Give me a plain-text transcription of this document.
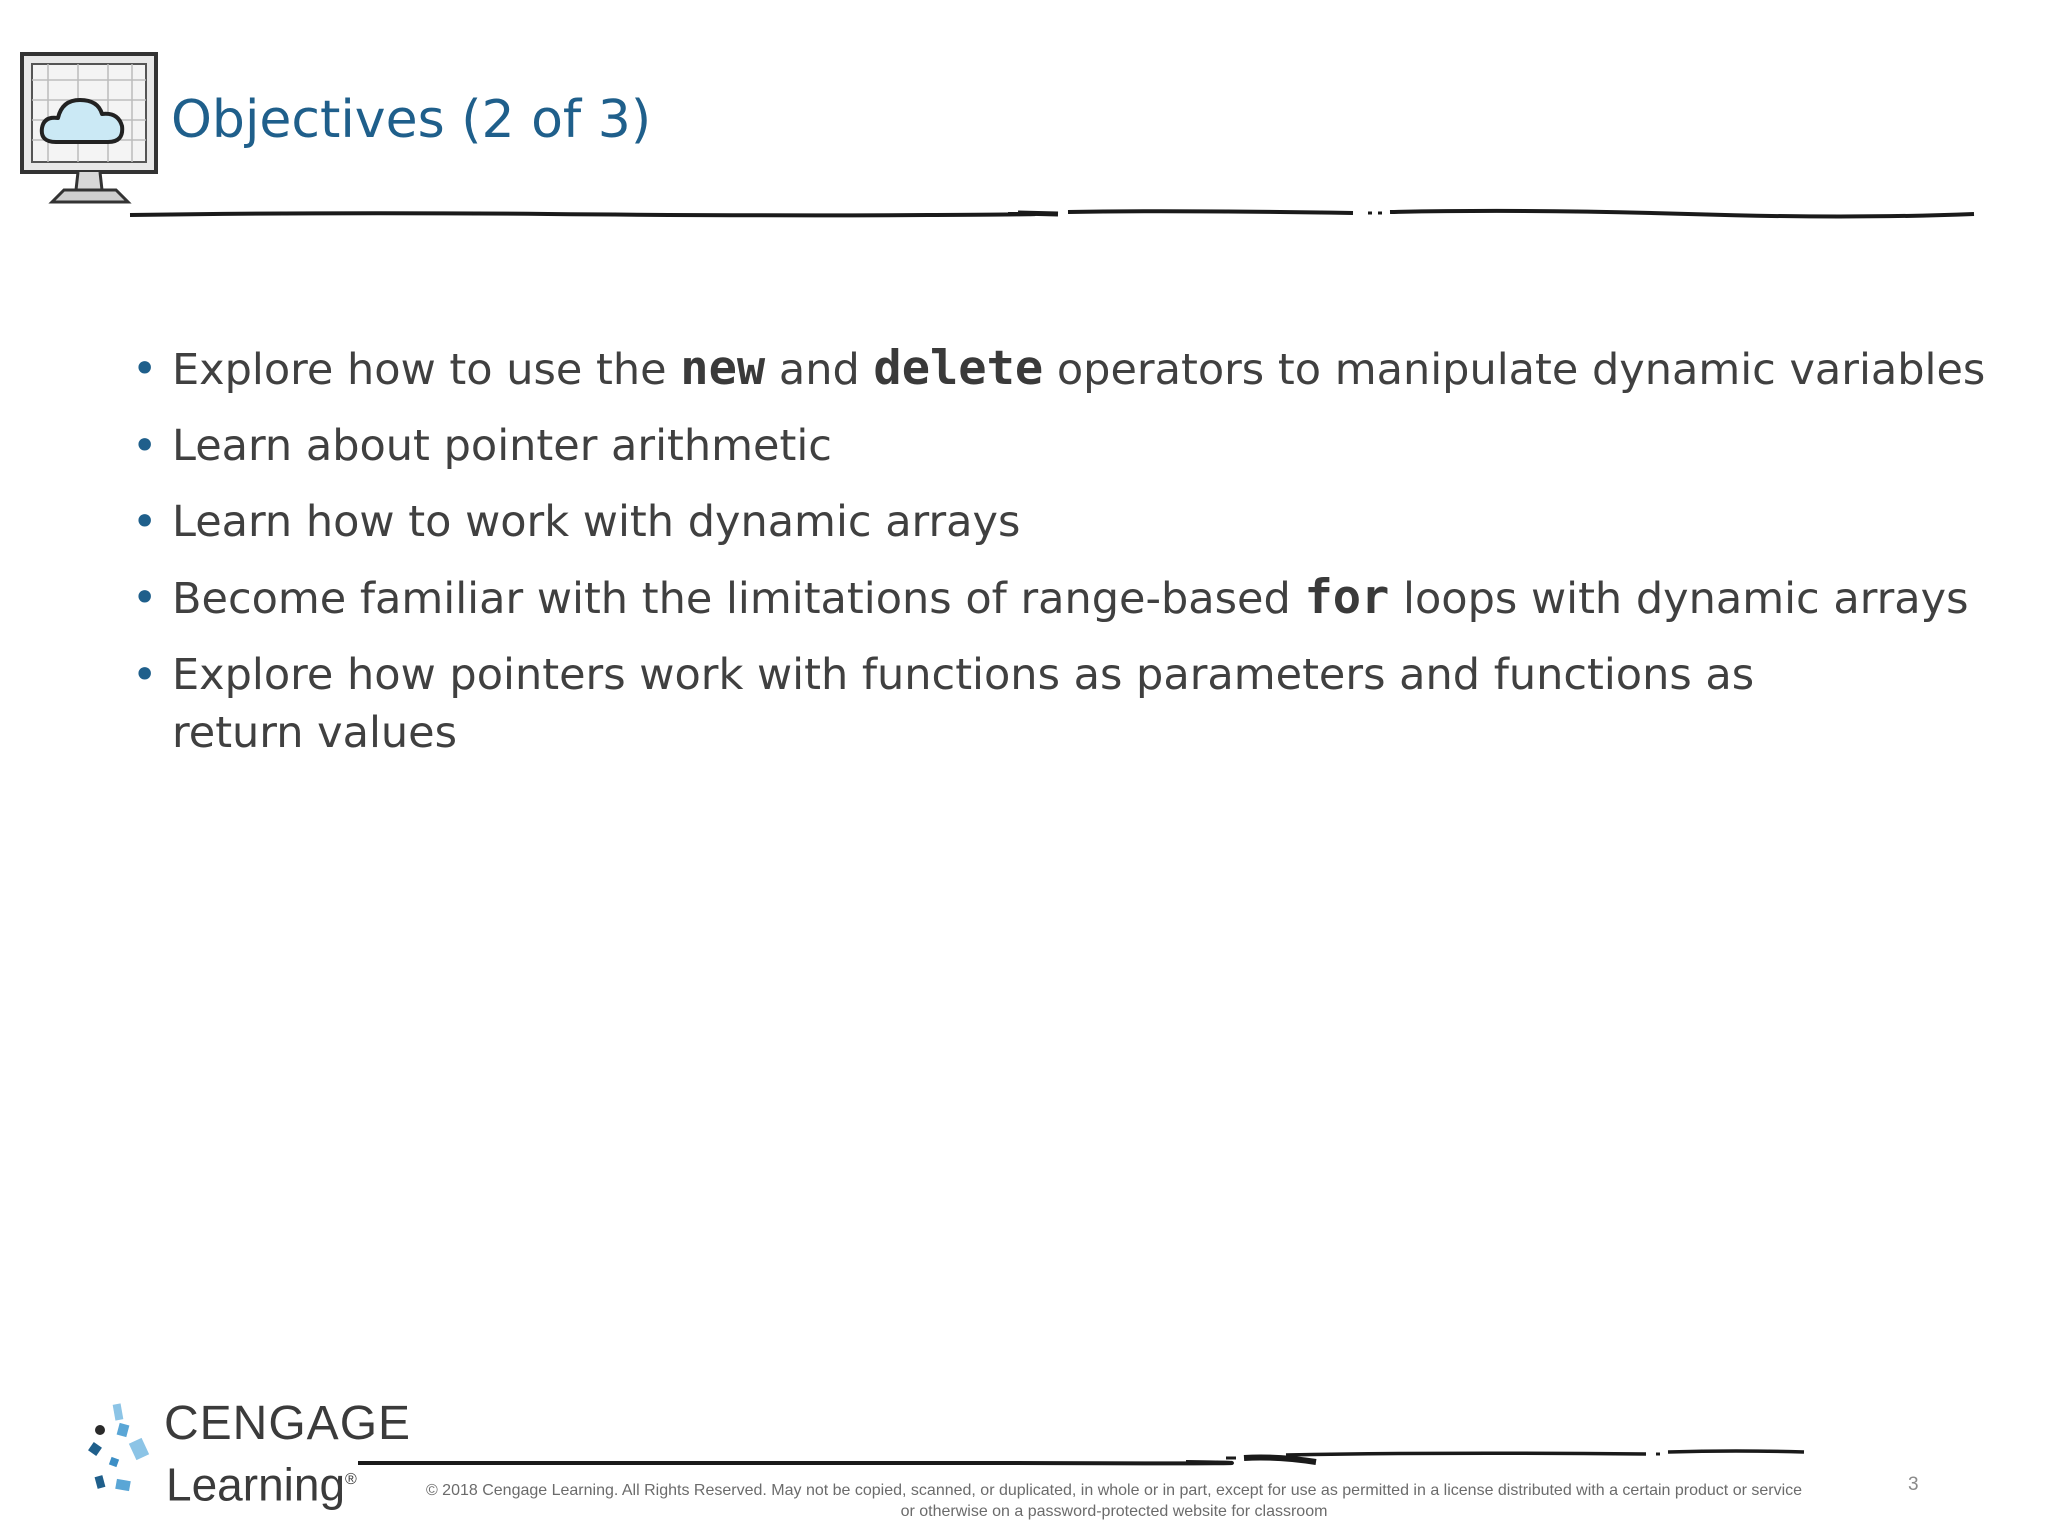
Objectives (2 of 3)
• Explore how to use the new and delete operators to manipulate dynamic variables
• Learn about pointer arithmetic
• Learn how to work with dynamic arrays
• Become familiar with the limitations of range-based for loops with dynamic arrays
• Explore how pointers work with functions as parameters and functions as return values
CENGAGE
Learning®

© 2018 Cengage Learning. All Rights Reserved. May not be copied, scanned, or duplicated, in whole or in part, except for use as permitted in a license distributed with a certain product or service
or otherwise on a password-protected website for classroom

3
